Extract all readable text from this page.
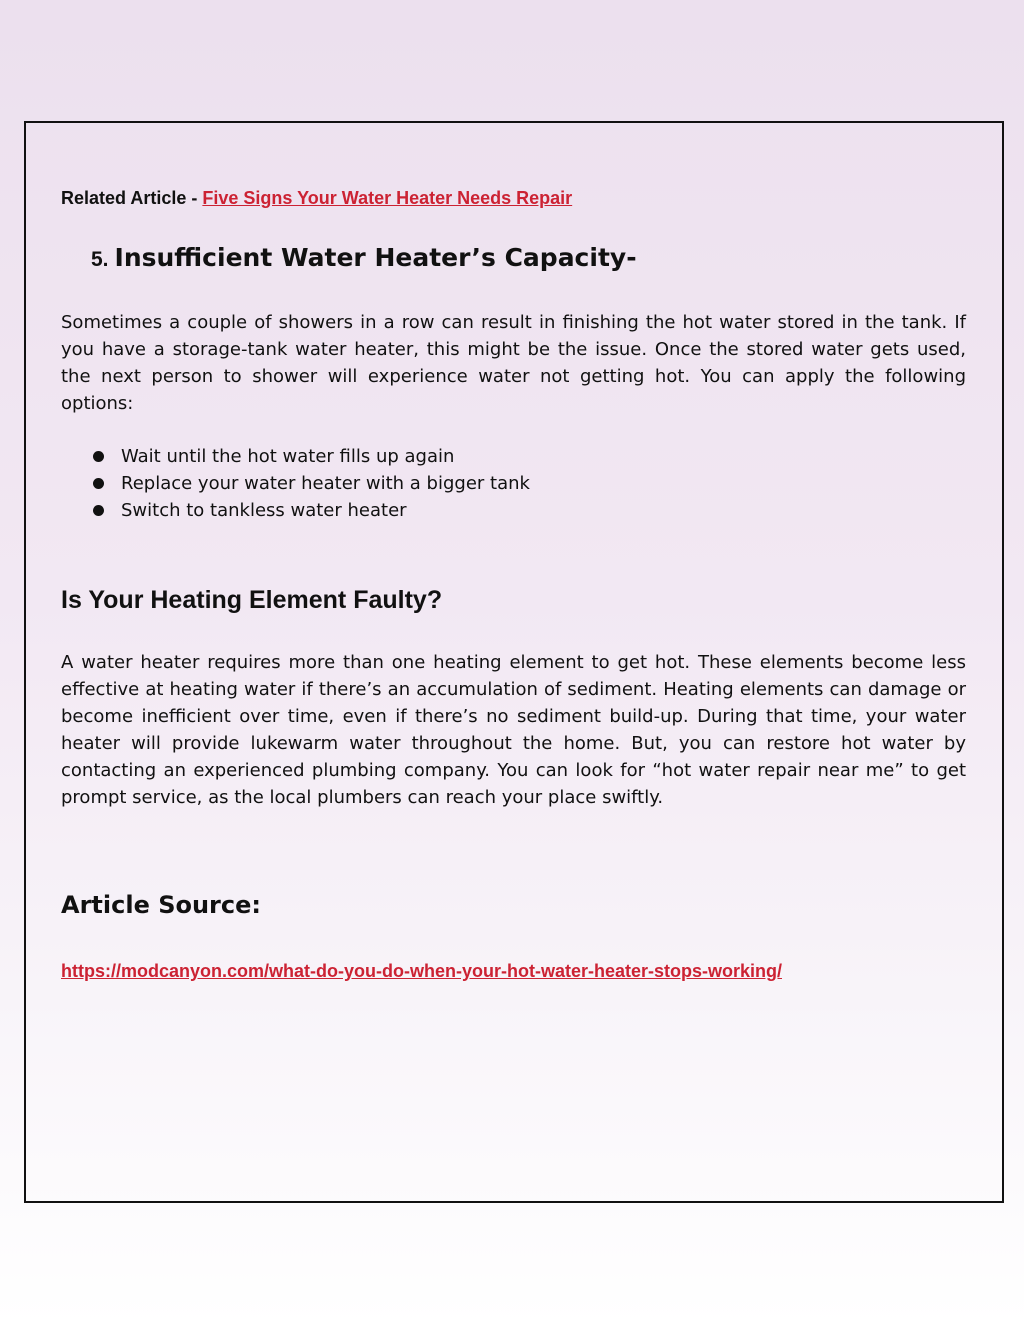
Related Article - Five Signs Your Water Heater Needs Repair
5. Insufficient Water Heater’s Capacity-

Sometimes a couple of showers in a row can result in finishing the hot water stored in the tank. If you have a storage-tank water heater, this might be the issue. Once the stored water gets used, the next person to shower will experience water not getting hot. You can apply the following options:

Wait until the hot water fills up again
Replace your water heater with a bigger tank
Switch to tankless water heater
Is Your Heating Element Faulty?

A water heater requires more than one heating element to get hot. These elements become less effective at heating water if there’s an accumulation of sediment. Heating elements can damage or become inefficient over time, even if there’s no sediment build-up. During that time, your water heater will provide lukewarm water throughout the home. But, you can restore hot water by contacting an experienced plumbing company. You can look for “hot water repair near me” to get prompt service, as the local plumbers can reach your place swiftly.

Article Source:
https://modcanyon.com/what-do-you-do-when-your-hot-water-heater-stops-working/
